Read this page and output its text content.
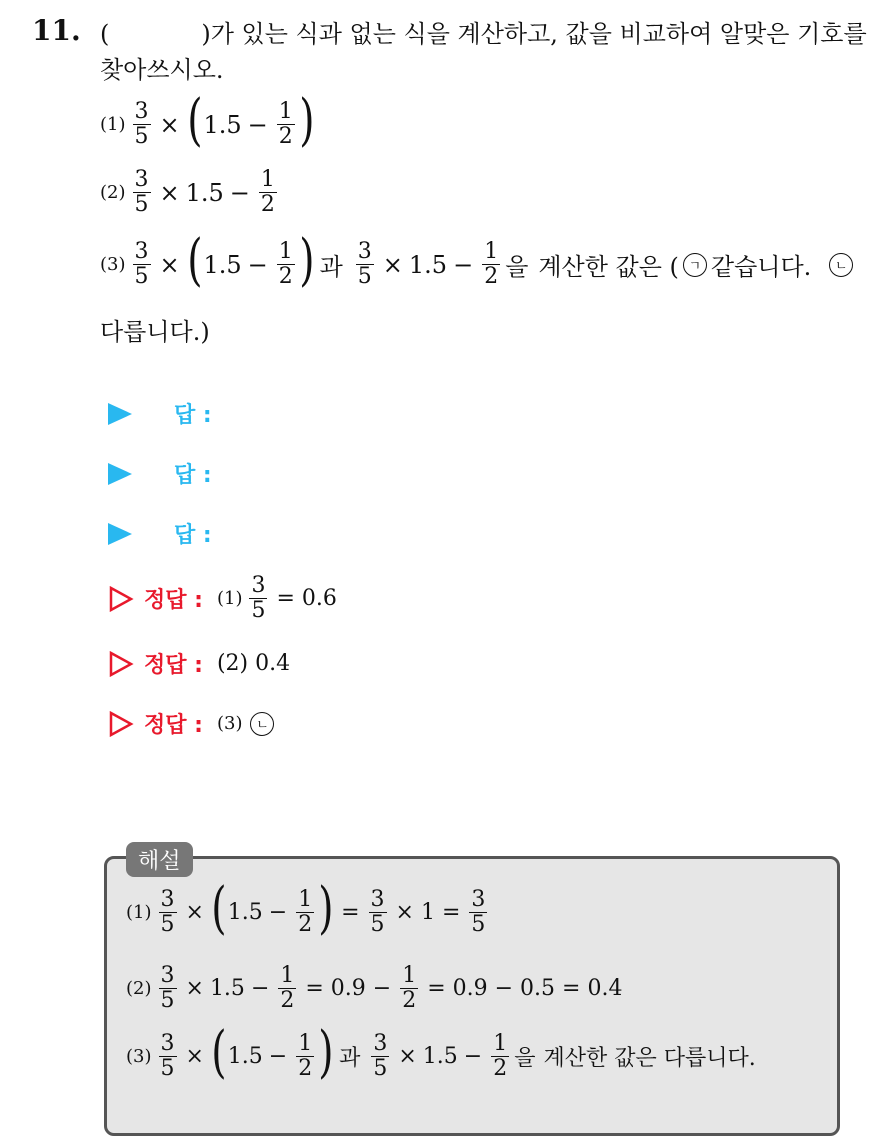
11. (	)가 있는 식과 없는 식을 계산하고, 값을 비교하여 알맞은 기호를 찾아쓰시오.
$(1) \frac{3}{5}$ × ( $1.5 - \frac{1}{2}$ )
$(2) \frac{3}{5} \times 1.5 - \frac{1}{2}$
$(3) \frac{3}{5}$ × ( $1.5 - \frac{1}{2}$ ) 과 $\frac{3}{5} \times 1.5 - \frac{1}{2}$ 을 계산한 값은 ( ㄱ 같습니다.	ㄴ
다릅니다.)
답 :
답 :
답 :
정답 : $(1) \frac{3}{5} = 0.6$
정답 : (2) 0.4
정답 : (3)	ㄴ
해설
$(1) \frac{3}{5}$ × ( $1.5 - \frac{1}{2}$ ) = $\frac{3}{5} \times 1 = \frac{3}{5}$
$(2) \frac{3}{5} \times 1.5 - \frac{1}{2} = 0.9 - \frac{1}{2} = 0.9 - 0.5 = 0.4$
$(3) \frac{3}{5}$ × ( $1.5 - \frac{1}{2}$ ) 과 $\frac{3}{5} \times 1.5 - \frac{1}{2}$ 을 계산한 값은 다릅니다.
